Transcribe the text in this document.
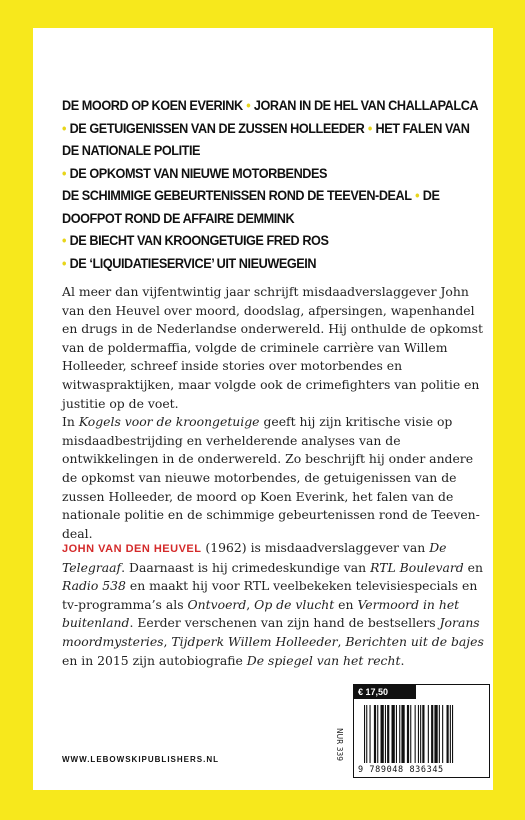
DE MOORD OP KOEN EVERINK • JORAN IN DE HEL VAN CHALLAPALCA
• DE GETUIGENISSEN VAN DE ZUSSEN HOLLEEDER • HET FALEN VAN DE NATIONALE POLITIE
• DE OPKOMST VAN NIEUWE MOTORBENDES
DE SCHIMMIGE GEBEURTENISSEN ROND DE TEEVEN-DEAL • DE DOOFPOT ROND DE AFFAIRE DEMMINK
• DE BIECHT VAN KROONGETUIGE FRED ROS
• DE ‘LIQUIDATIESERVICE’ UIT NIEUWEGEIN

Al meer dan vijfentwintig jaar schrijft misdaadverslaggever John van den Heuvel over moord, doodslag, afpersingen, wapenhandel en drugs in de Nederlandse onderwereld. Hij onthulde de opkomst van de poldermaffia, volgde de criminele carrière van Willem Holleeder, schreef inside stories over motorbendes en witwaspraktijken, maar volgde ook de crimefighters van politie en justitie op de voet.

In Kogels voor de kroongetuige geeft hij zijn kritische visie op misdaadbestrijding en verhelderende analyses van de ontwikkelingen in de onderwereld. Zo beschrijft hij onder andere de opkomst van nieuwe motorbendes, de getuigenissen van de zussen Holleeder, de moord op Koen Everink, het falen van de nationale politie en de schimmige gebeurtenissen rond de Teeven-deal.

JOHN VAN DEN HEUVEL (1962) is misdaadverslaggever van De Telegraaf. Daarnaast is hij crimedeskundige van RTL Boulevard en Radio 538 en maakt hij voor RTL veelbekeken televisiespecials en tv-programma’s als Ontvoerd, Op de vlucht en Vermoord in het buitenland. Eerder verschenen van zijn hand de bestsellers Jorans moordmysteries, Tijdperk Willem Holleeder, Berichten uit de bajes en in 2015 zijn autobiografie De spiegel van het recht.

WWW.LEBOWSKIPUBLISHERS.NL	NUR 339
€ 17,50
9 789048 836345
